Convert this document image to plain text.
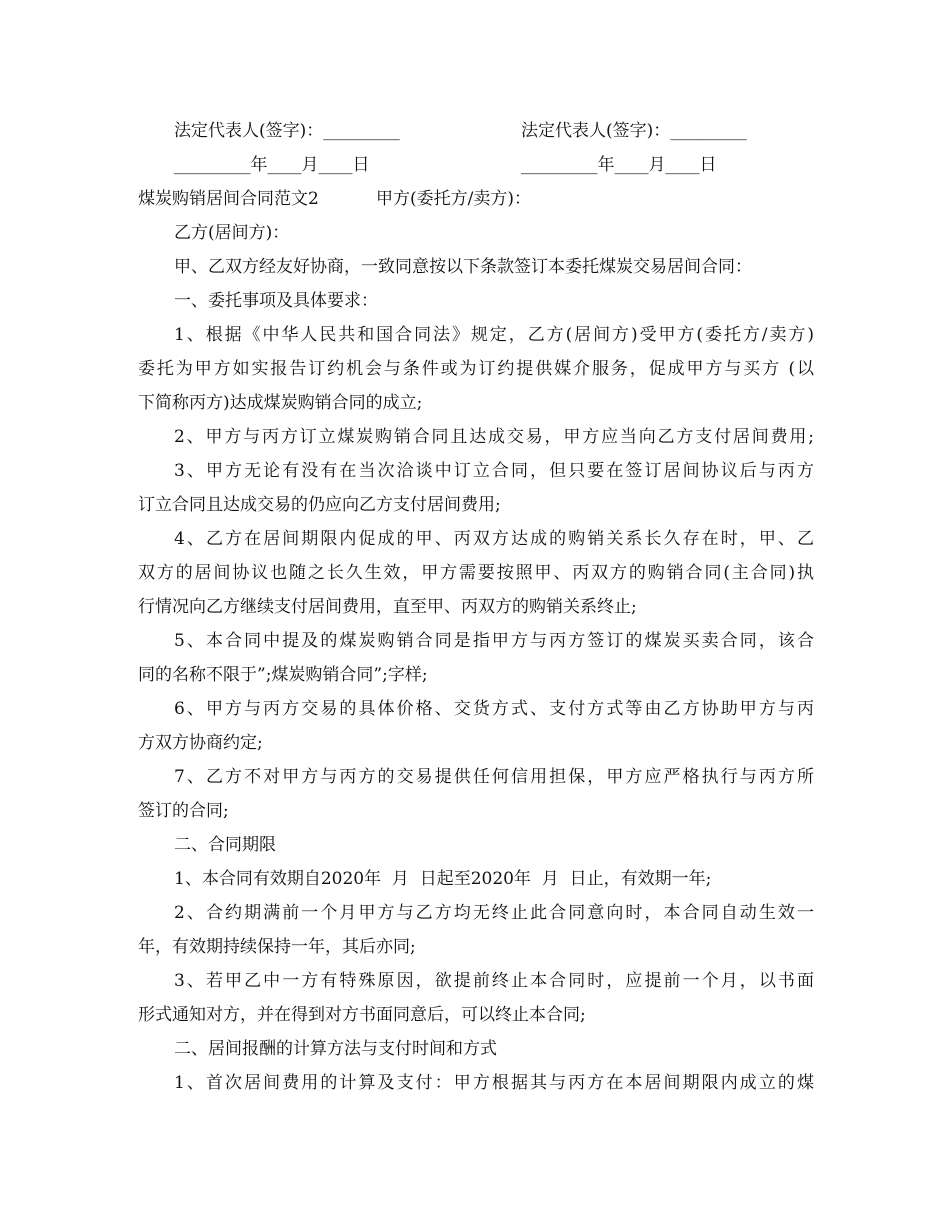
法定代表人(签字)：_________	法定代表人(签字)：_________
_________年____月____日	_________年____月____日
煤炭购销居间合同范文2	甲方(委托方/卖方)：
乙方(居间方)：
甲、乙双方经友好协商，一致同意按以下条款签订本委托煤炭交易居间合同：
一、委托事项及具体要求：
1、根据《中华人民共和国合同法》规定，乙方(居间方)受甲方(委托方/卖方)
委托为甲方如实报告订约机会与条件或为订约提供媒介服务，促成甲方与买方 (以
下简称丙方)达成煤炭购销合同的成立;
2、甲方与丙方订立煤炭购销合同且达成交易，甲方应当向乙方支付居间费用;
3、甲方无论有没有在当次洽谈中订立合同，但只要在签订居间协议后与丙方
订立合同且达成交易的仍应向乙方支付居间费用;
4、乙方在居间期限内促成的甲、丙双方达成的购销关系长久存在时，甲、乙
双方的居间协议也随之长久生效，甲方需要按照甲、丙双方的购销合同(主合同)执
行情况向乙方继续支付居间费用，直至甲、丙双方的购销关系终止;
5、本合同中提及的煤炭购销合同是指甲方与丙方签订的煤炭买卖合同，该合
同的名称不限于”;煤炭购销合同”;字样;
6、甲方与丙方交易的具体价格、交货方式、支付方式等由乙方协助甲方与丙
方双方协商约定;
7、乙方不对甲方与丙方的交易提供任何信用担保，甲方应严格执行与丙方所
签订的合同;
二、合同期限
1、本合同有效期自2020年  月  日起至2020年  月  日止，有效期一年;
2、合约期满前一个月甲方与乙方均无终止此合同意向时，本合同自动生效一
年，有效期持续保持一年，其后亦同;
3、若甲乙中一方有特殊原因，欲提前终止本合同时，应提前一个月，以书面
形式通知对方，并在得到对方书面同意后，可以终止本合同;
二、居间报酬的计算方法与支付时间和方式
1、首次居间费用的计算及支付：甲方根据其与丙方在本居间期限内成立的煤
